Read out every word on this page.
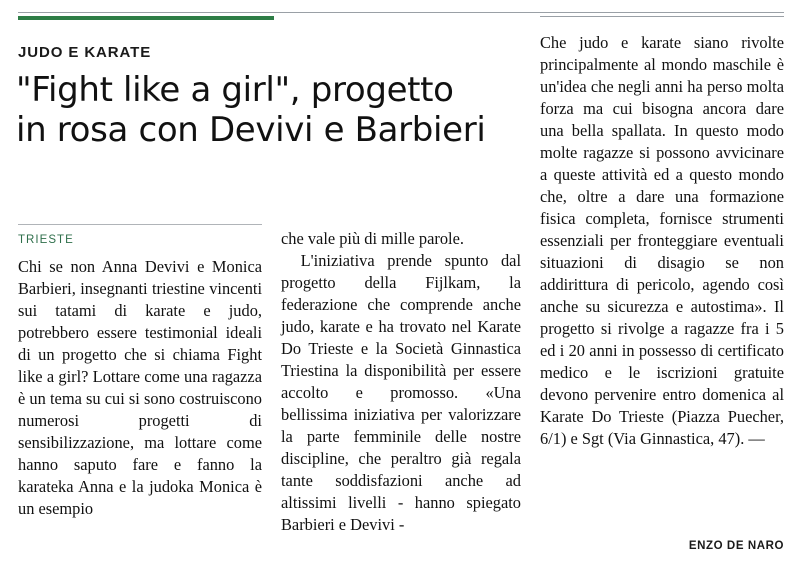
JUDO E KARATE
"Fight like a girl", progetto
in rosa con Devivi e Barbieri
TRIESTE

Chi se non Anna Devivi e Monica Barbieri, insegnanti triestine vincenti sui tatami di karate e judo, potrebbero essere testimonial ideali di un progetto che si chiama Fight like a girl? Lottare come una ragazza è un tema su cui si sono costruiscono numerosi progetti di sensibilizzazione, ma lottare come hanno saputo fare e fanno la karateka Anna e la judoka Monica è un esempio

che vale più di mille parole.

L'iniziativa prende spunto dal progetto della Fijlkam, la federazione che comprende anche judo, karate e ha trovato nel Karate Do Trieste e la Società Ginnastica Triestina la disponibilità per essere accolto e promosso. «Una bellissima iniziativa per valorizzare la parte femminile delle nostre discipline, che peraltro già regala tante soddisfazioni anche ad altissimi livelli - hanno spiegato Barbieri e Devivi -

Che judo e karate siano rivolte principalmente al mondo maschile è un'idea che negli anni ha perso molta forza ma cui bisogna ancora dare una bella spallata. In questo modo molte ragazze si possono avvicinare a queste attività ed a questo mondo che, oltre a dare una formazione fisica completa, fornisce strumenti essenziali per fronteggiare eventuali situazioni di disagio se non addirittura di pericolo, agendo così anche su sicurezza e autostima». Il progetto si rivolge a ragazze fra i 5 ed i 20 anni in possesso di certificato medico e le iscrizioni gratuite devono pervenire entro domenica al Karate Do Trieste (Piazza Puecher, 6/1) e Sgt (Via Ginnastica, 47). —

ENZO DE NARO
